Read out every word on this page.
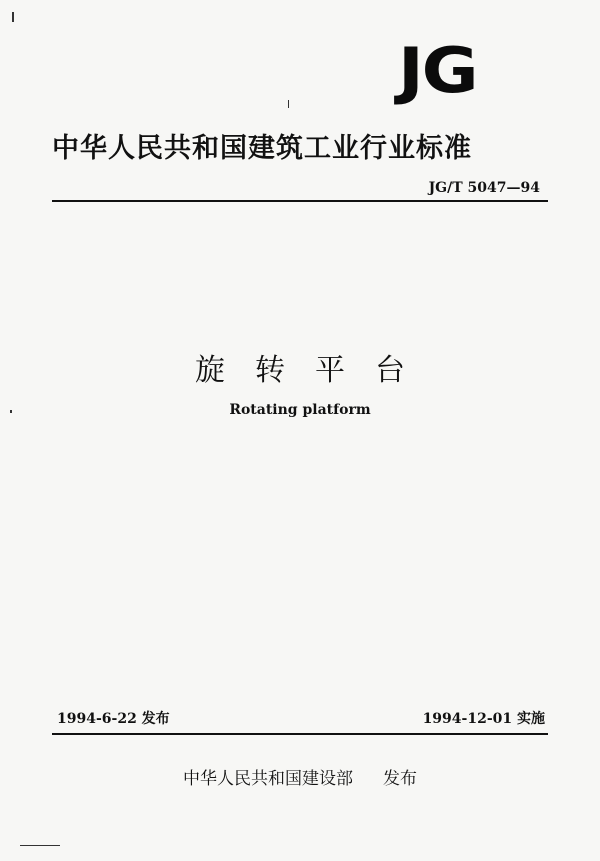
JG
中华人民共和国建筑工业行业标准
JG/T 5047—94
旋转平台
Rotating platform
1994-6-22 发布	1994-12-01 实施
中华人民共和国建设部 发布
